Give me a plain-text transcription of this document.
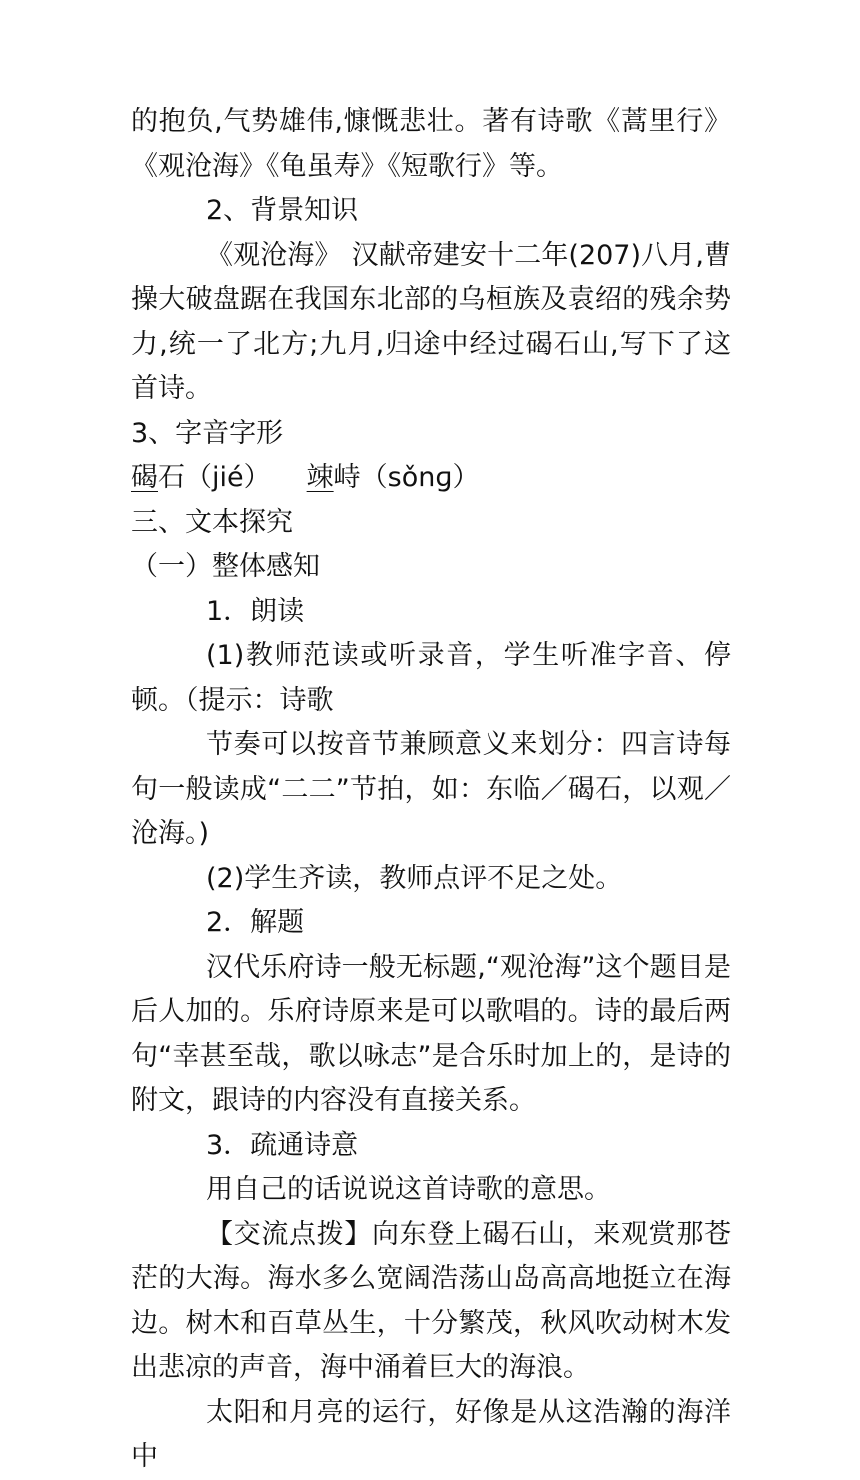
的抱负,气势雄伟,慷慨悲壮。著有诗歌《蒿里行》《观沧海》《龟虽寿》《短歌行》等。

2、背景知识

《观沧海》 汉献帝建安十二年(207)八月,曹操大破盘踞在我国东北部的乌桓族及袁绍的残余势力,统一了北方;九月,归途中经过碣石山,写下了这首诗。

3、字音字形

碣石（jié） 竦峙（sǒnɡ）

三、文本探究

（一）整体感知

1．朗读

(1)教师范读或听录音，学生听准字音、停顿。（提示：诗歌

节奏可以按音节兼顾意义来划分：四言诗每句一般读成“二二”节拍，如：东临／碣石，以观／沧海。)

(2)学生齐读，教师点评不足之处。

2．解题

汉代乐府诗一般无标题,“观沧海”这个题目是后人加的。乐府诗原来是可以歌唱的。诗的最后两句“幸甚至哉，歌以咏志”是合乐时加上的，是诗的附文，跟诗的内容没有直接关系。

3．疏通诗意

用自己的话说说这首诗歌的意思。

【交流点拨】向东登上碣石山，来观赏那苍茫的大海。海水多么宽阔浩荡山岛高高地挺立在海边。树木和百草丛生，十分繁茂，秋风吹动树木发出悲凉的声音，海中涌着巨大的海浪。

太阳和月亮的运行，好像是从这浩瀚的海洋中
